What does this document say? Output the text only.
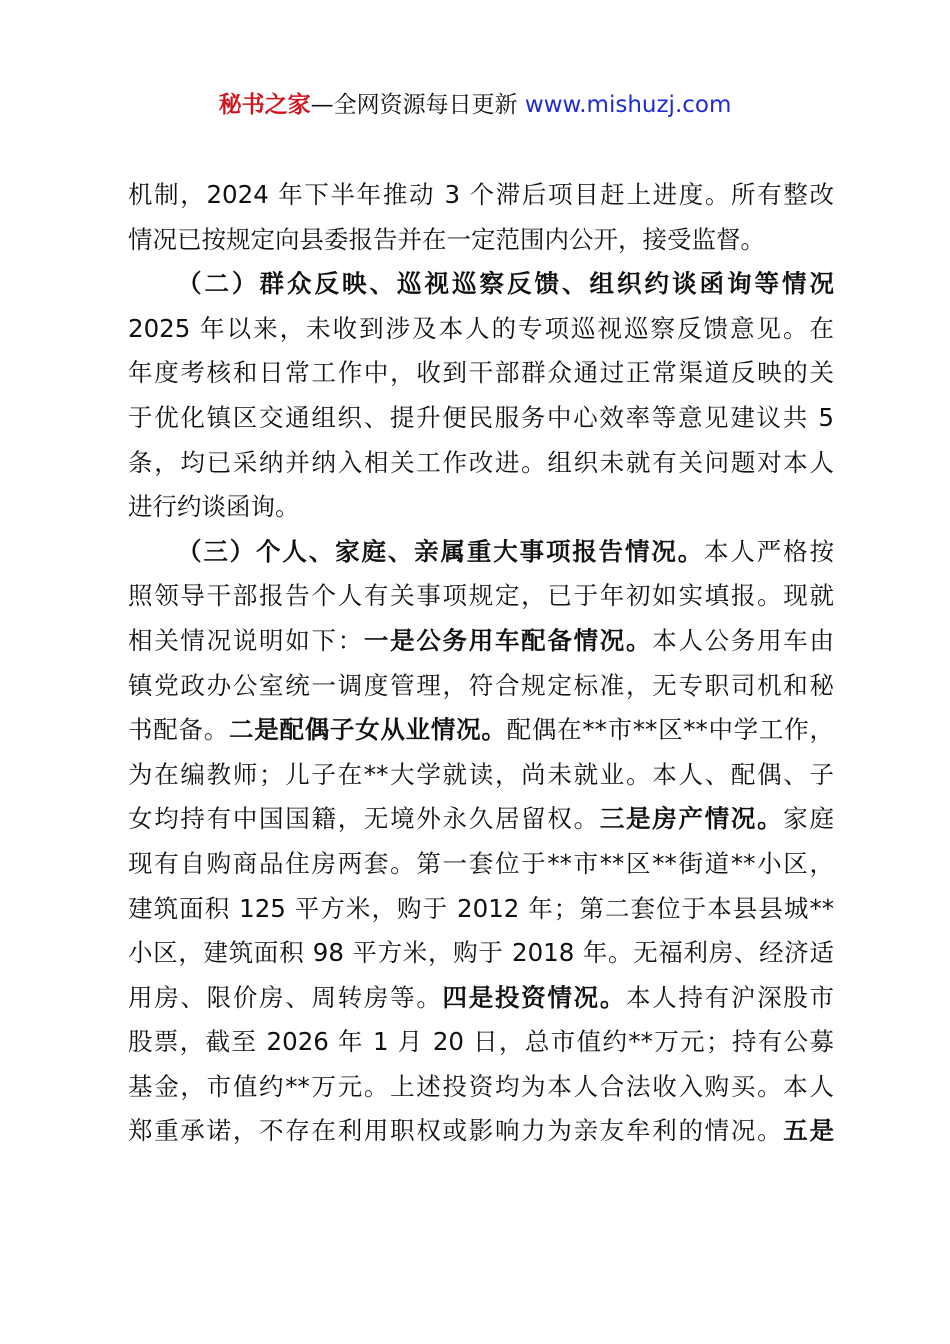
秘书之家—全网资源每日更新 www.mishuzj.com
机制，2024 年下半年推动 3 个滞后项目赶上进度。所有整改
情况已按规定向县委报告并在一定范围内公开，接受监督。
（二）群众反映、巡视巡察反馈、组织约谈函询等情况
2025 年以来，未收到涉及本人的专项巡视巡察反馈意见。在
年度考核和日常工作中，收到干部群众通过正常渠道反映的关
于优化镇区交通组织、提升便民服务中心效率等意见建议共 5
条，均已采纳并纳入相关工作改进。组织未就有关问题对本人
进行约谈函询。
（三）个人、家庭、亲属重大事项报告情况。本人严格按
照领导干部报告个人有关事项规定，已于年初如实填报。现就
相关情况说明如下：一是公务用车配备情况。本人公务用车由
镇党政办公室统一调度管理，符合规定标准，无专职司机和秘
书配备。二是配偶子女从业情况。配偶在**市**区**中学工作，
为在编教师；儿子在**大学就读，尚未就业。本人、配偶、子
女均持有中国国籍，无境外永久居留权。三是房产情况。家庭
现有自购商品住房两套。第一套位于**市**区**街道**小区，
建筑面积 125 平方米，购于 2012 年；第二套位于本县县城**
小区，建筑面积 98 平方米，购于 2018 年。无福利房、经济适
用房、限价房、周转房等。四是投资情况。本人持有沪深股市
股票，截至 2026 年 1 月 20 日，总市值约**万元；持有公募
基金，市值约**万元。上述投资均为本人合法收入购买。本人
郑重承诺，不存在利用职权或影响力为亲友牟利的情况。五是
